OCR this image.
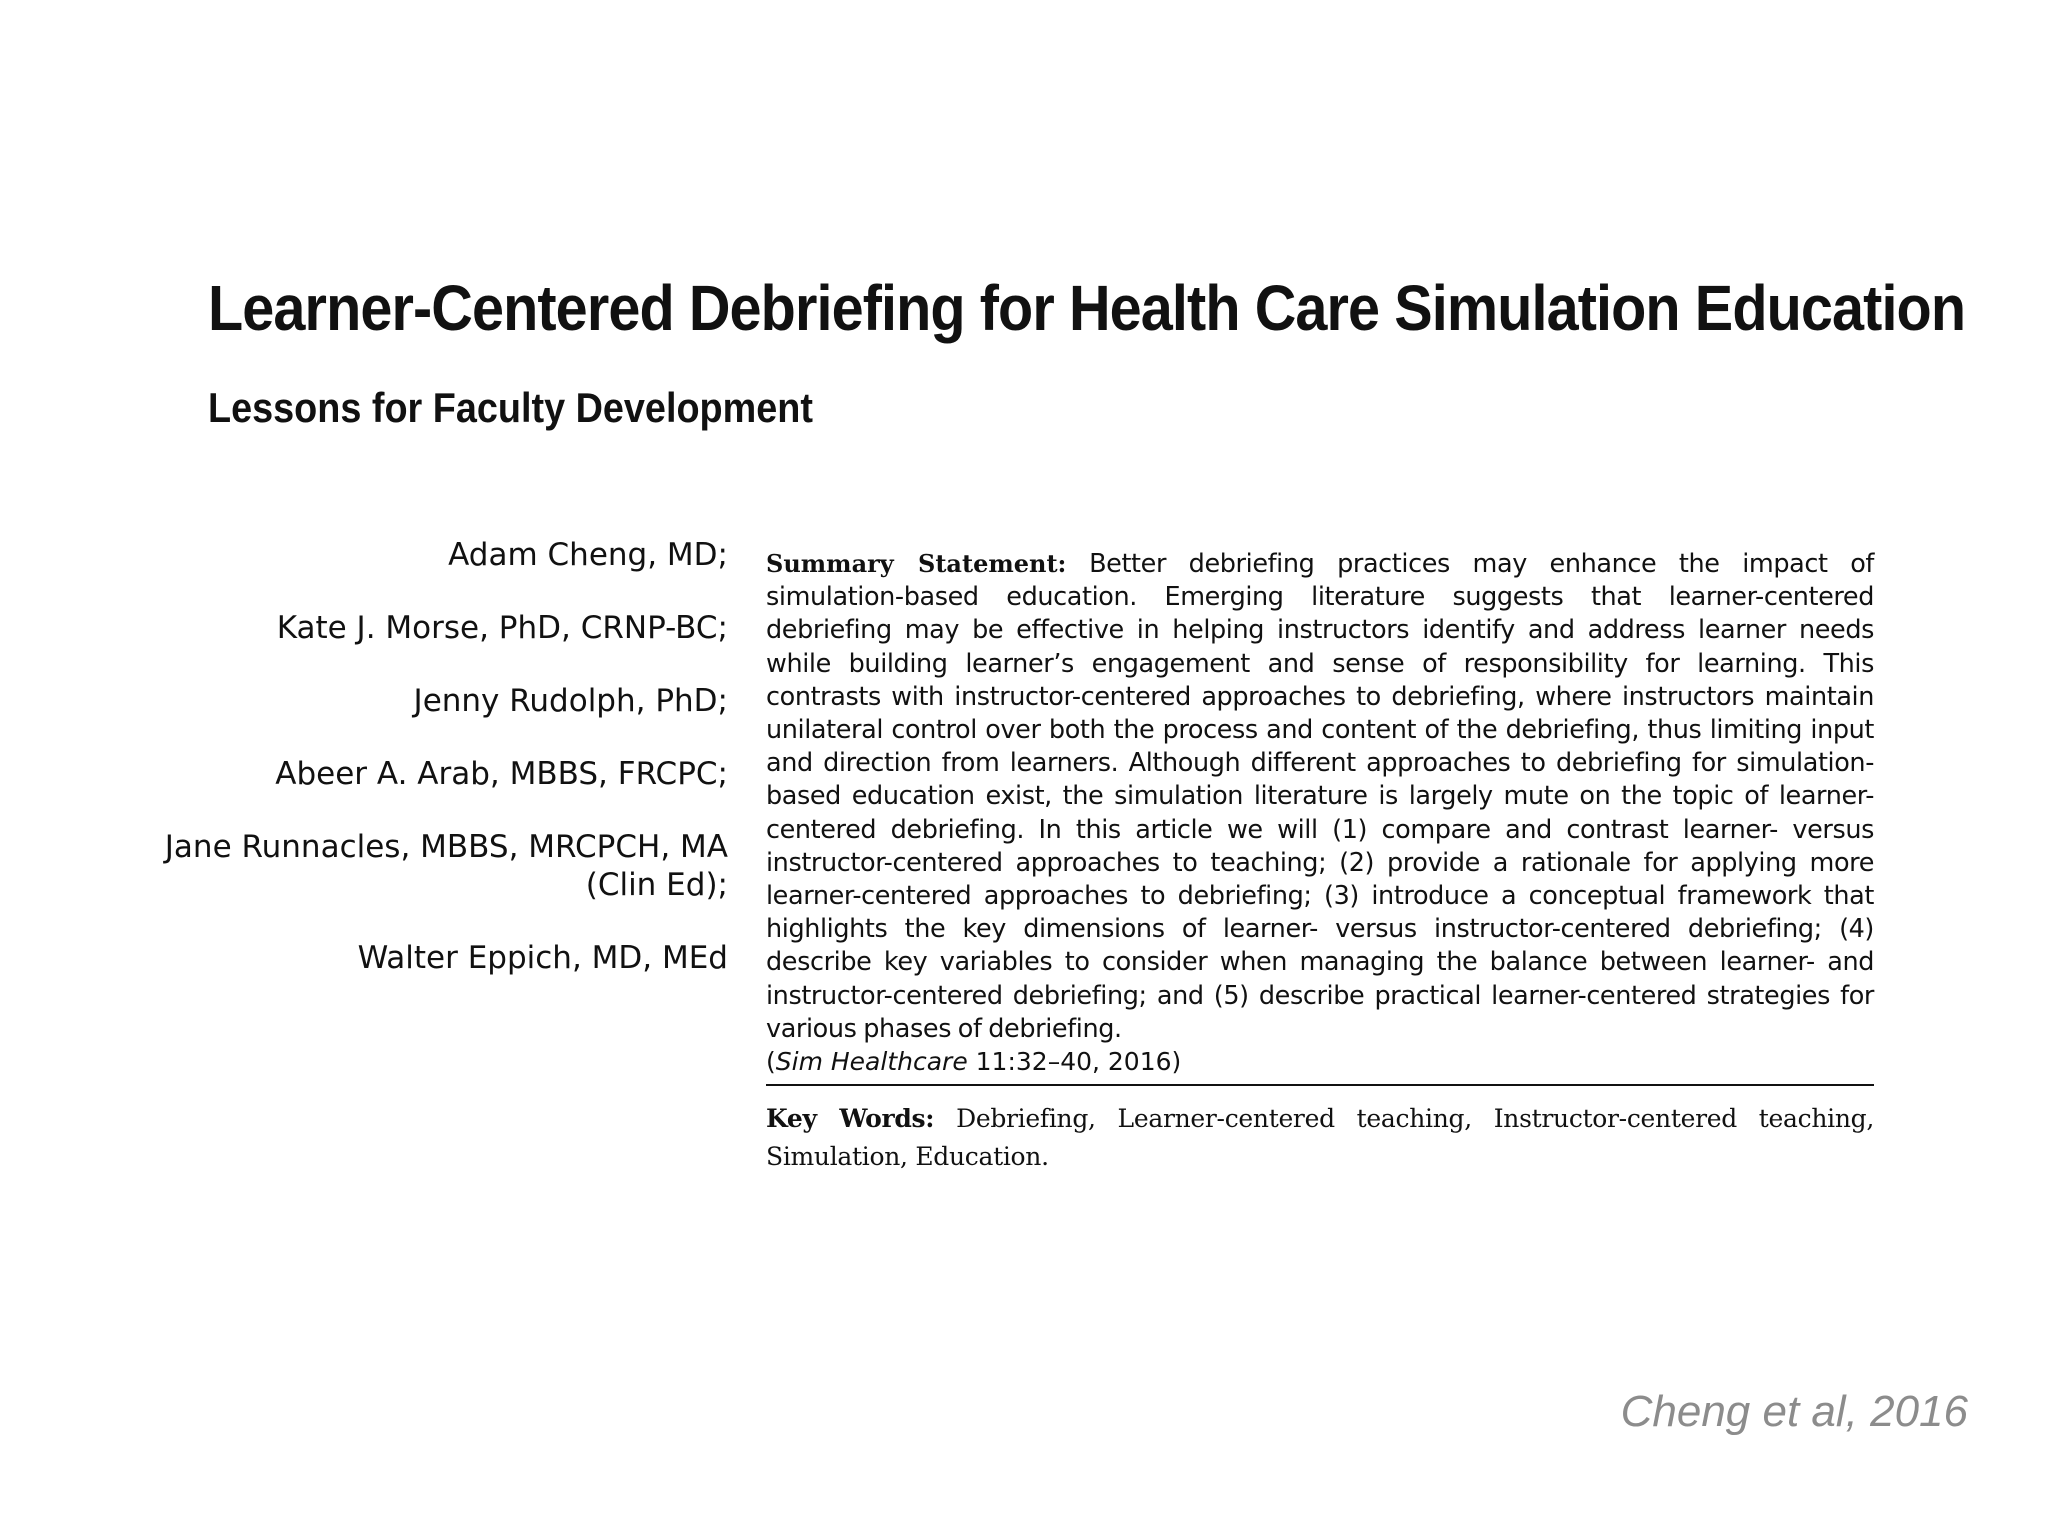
Learner-Centered Debriefing for Health Care Simulation Education
Lessons for Faculty Development
Adam Cheng, MD;
Kate J. Morse, PhD, CRNP-BC;
Jenny Rudolph, PhD;
Abeer A. Arab, MBBS, FRCPC;
Jane Runnacles, MBBS, MRCPCH, MA (Clin Ed);
Walter Eppich, MD, MEd
Summary Statement: Better debriefing practices may enhance the impact of simulation-based education. Emerging literature suggests that learner-centered debriefing may be effective in helping instructors identify and address learner needs while building learner’s engagement and sense of responsibility for learning. This contrasts with instructor-centered approaches to debriefing, where instructors maintain unilateral control over both the process and content of the debriefing, thus limiting input and direction from learners. Although different approaches to debriefing for simulation-based education exist, the simulation literature is largely mute on the topic of learner-centered debriefing. In this article we will (1) compare and contrast learner- versus instructor-centered approaches to teaching; (2) provide a rationale for applying more learner-centered approaches to debriefing; (3) introduce a conceptual framework that highlights the key dimensions of learner- versus instructor-centered debriefing; (4) describe key variables to consider when managing the balance between learner- and instructor-centered debriefing; and (5) describe practical learner-centered strategies for various phases of debriefing.
(Sim Healthcare 11:32–40, 2016)
Key Words: Debriefing, Learner-centered teaching, Instructor-centered teaching, Simulation, Education.
Cheng et al, 2016
